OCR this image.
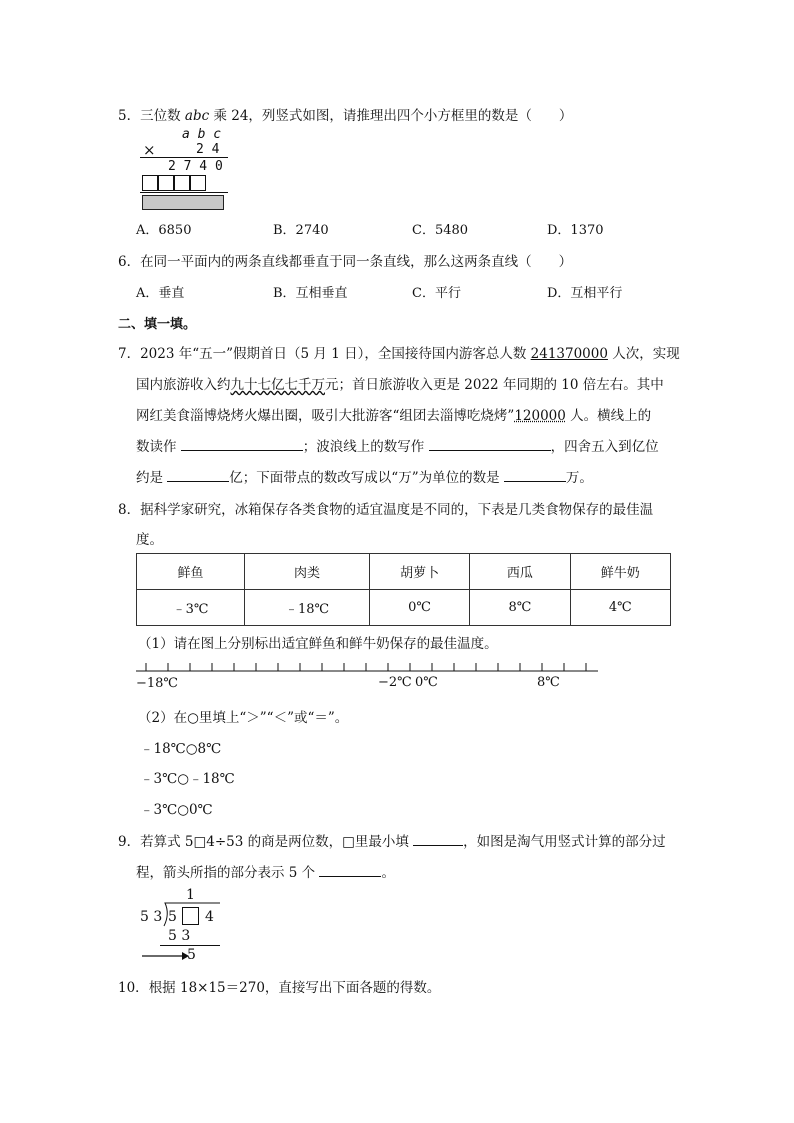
5．三位数 abc 乘 24，列竖式如图，请推理出四个小方框里的数是（　　）
a b c
×	2 4
2 7 4 0
A．6850	B．2740	C．5480	D．1370
6．在同一平面内的两条直线都垂直于同一条直线，那么这两条直线（　　）
A．垂直	B．互相垂直	C．平行	D．互相平行
二、填一填。
7．2023 年“五一”假期首日（5 月 1 日），全国接待国内游客总人数 241370000 人次，实现
国内旅游收入约九十七亿七千万元；首日旅游收入更是 2022 年同期的 10 倍左右。其中
网红美食淄博烧烤火爆出圈，吸引大批游客“组团去淄博吃烧烤”120000 人。横线上的
数读作	；波浪线上的数写作	，四舍五入到亿位
约是	亿；下面带点的数改写成以“万”为单位的数是	万。
8．据科学家研究，冰箱保存各类食物的适宜温度是不同的，下表是几类食物保存的最佳温
度。
鲜鱼	肉类	胡萝卜	西瓜	鲜牛奶
﹣3℃	﹣18℃	0℃	8℃	4℃
（1）请在图上分别标出适宜鲜鱼和鲜牛奶保存的最佳温度。
−18℃	−2℃ 0℃	8℃
（2）在○里填上“＞”“＜”或“＝”。
﹣18℃○8℃
﹣3℃○﹣18℃
﹣3℃○0℃
9．若算式 5□4÷53 的商是两位数，□里最小填	，如图是淘气用竖式计算的部分过
程，箭头所指的部分表示 5 个	。
1
5 3 5 4
5 3
5
10．根据 18×15＝270，直接写出下面各题的得数。
